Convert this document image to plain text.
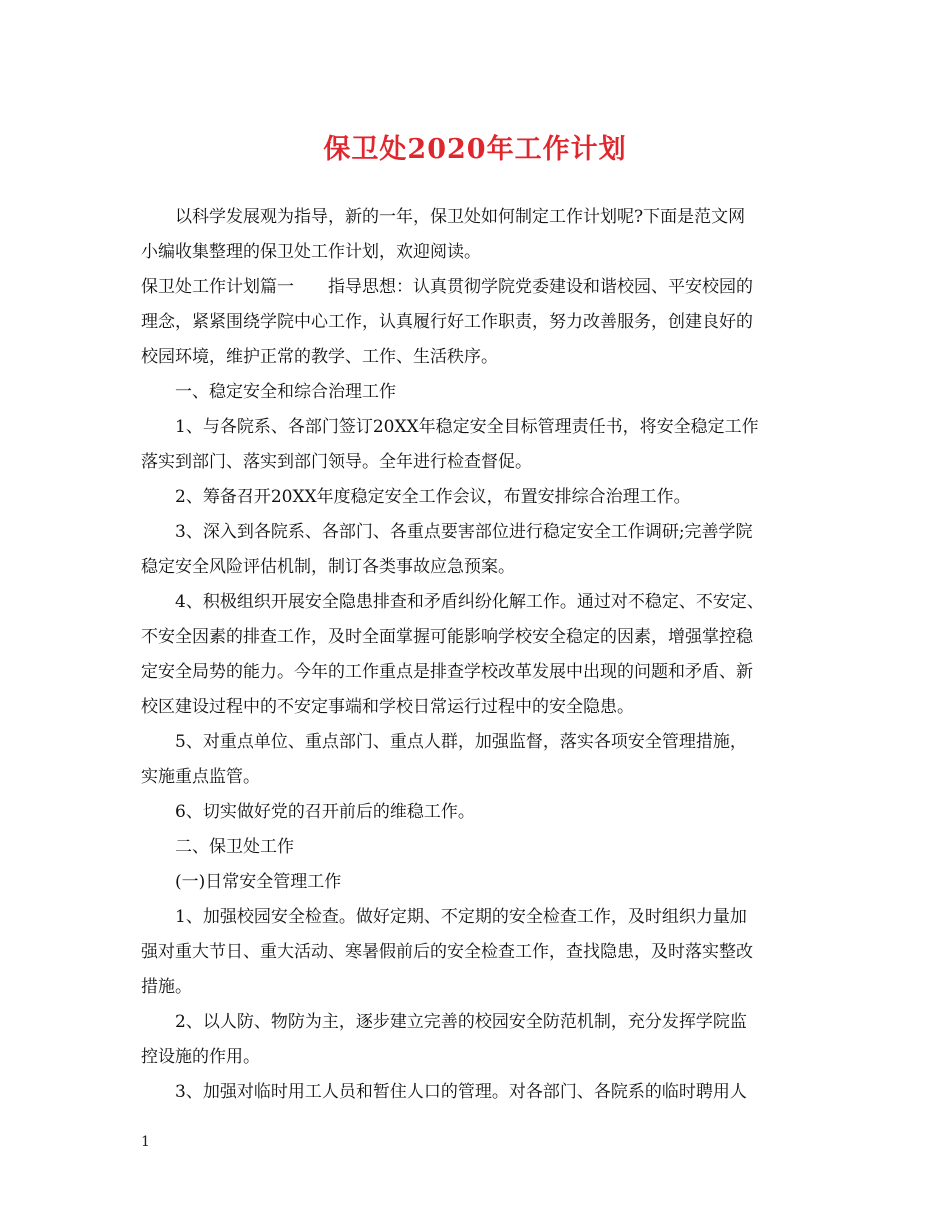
保卫处2020年工作计划
以科学发展观为指导，新的一年，保卫处如何制定工作计划呢?下面是范文网
小编收集整理的保卫处工作计划，欢迎阅读。
保卫处工作计划篇一 指导思想：认真贯彻学院党委建设和谐校园、平安校园的
理念，紧紧围绕学院中心工作，认真履行好工作职责，努力改善服务，创建良好的
校园环境，维护正常的教学、工作、生活秩序。
一、稳定安全和综合治理工作
1、与各院系、各部门签订20XX年稳定安全目标管理责任书，将安全稳定工作
落实到部门、落实到部门领导。全年进行检查督促。
2、筹备召开20XX年度稳定安全工作会议，布置安排综合治理工作。
3、深入到各院系、各部门、各重点要害部位进行稳定安全工作调研;完善学院
稳定安全风险评估机制，制订各类事故应急预案。
4、积极组织开展安全隐患排查和矛盾纠纷化解工作。通过对不稳定、不安定、
不安全因素的排查工作，及时全面掌握可能影响学校安全稳定的因素，增强掌控稳
定安全局势的能力。今年的工作重点是排查学校改革发展中出现的问题和矛盾、新
校区建设过程中的不安定事端和学校日常运行过程中的安全隐患。
5、对重点单位、重点部门、重点人群，加强监督，落实各项安全管理措施，
实施重点监管。
6、切实做好党的召开前后的维稳工作。
二、保卫处工作
(一)日常安全管理工作
1、加强校园安全检查。做好定期、不定期的安全检查工作，及时组织力量加
强对重大节日、重大活动、寒暑假前后的安全检查工作，查找隐患，及时落实整改
措施。
2、以人防、物防为主，逐步建立完善的校园安全防范机制，充分发挥学院监
控设施的作用。
3、加强对临时用工人员和暂住人口的管理。对各部门、各院系的临时聘用人
1
